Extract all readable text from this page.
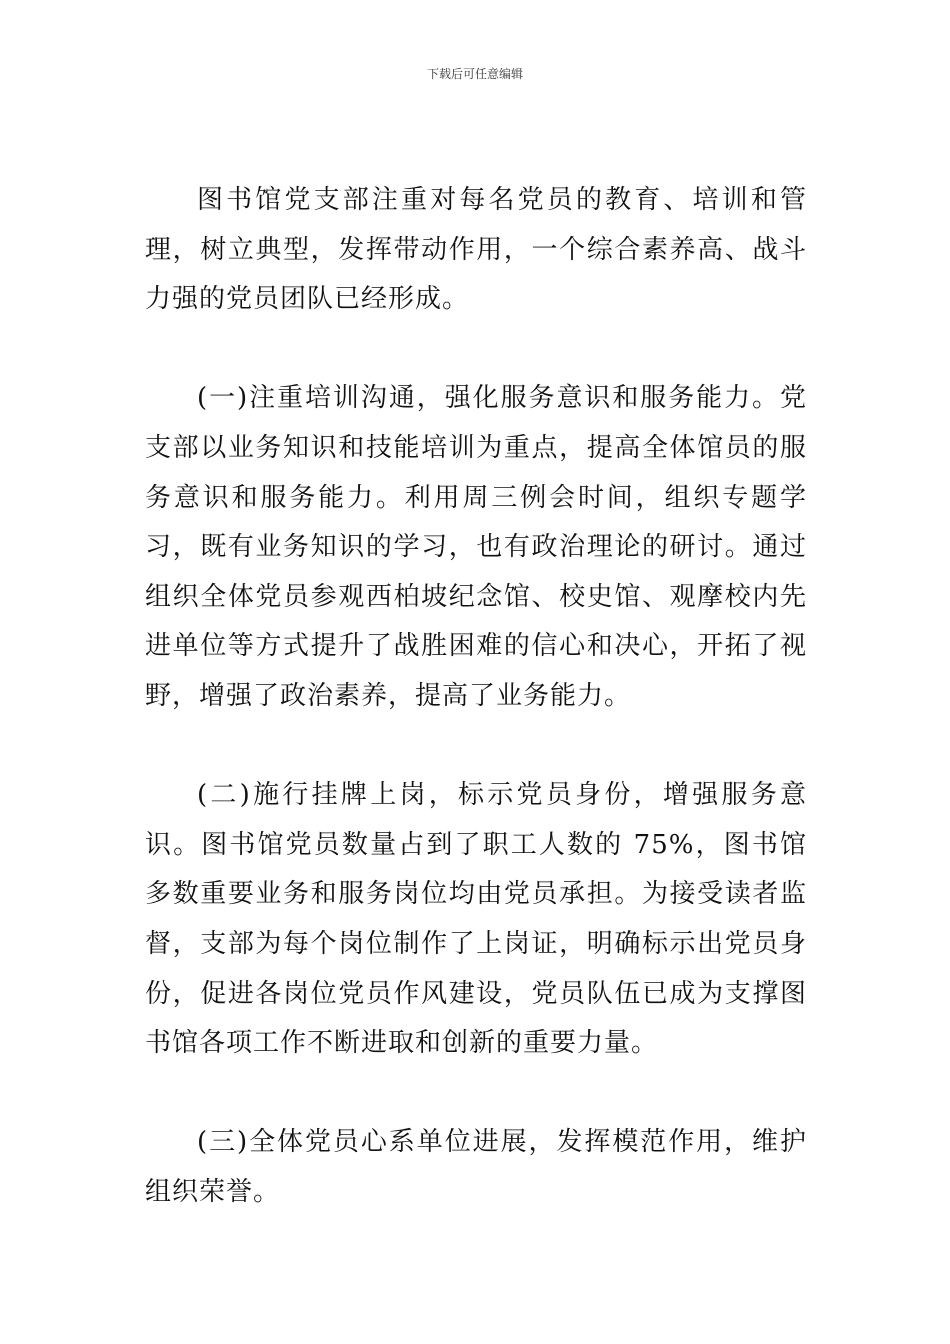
下载后可任意编辑

图书馆党支部注重对每名党员的教育、培训和管理，树立典型，发挥带动作用，一个综合素养高、战斗力强的党员团队已经形成。

(一)注重培训沟通，强化服务意识和服务能力。党支部以业务知识和技能培训为重点，提高全体馆员的服务意识和服务能力。利用周三例会时间，组织专题学习，既有业务知识的学习，也有政治理论的研讨。通过组织全体党员参观西柏坡纪念馆、校史馆、观摩校内先进单位等方式提升了战胜困难的信心和决心，开拓了视野，增强了政治素养，提高了业务能力。

(二)施行挂牌上岗，标示党员身份，增强服务意识。图书馆党员数量占到了职工人数的 75%，图书馆多数重要业务和服务岗位均由党员承担。为接受读者监督，支部为每个岗位制作了上岗证，明确标示出党员身份，促进各岗位党员作风建设，党员队伍已成为支撑图书馆各项工作不断进取和创新的重要力量。

(三)全体党员心系单位进展，发挥模范作用，维护组织荣誉。
